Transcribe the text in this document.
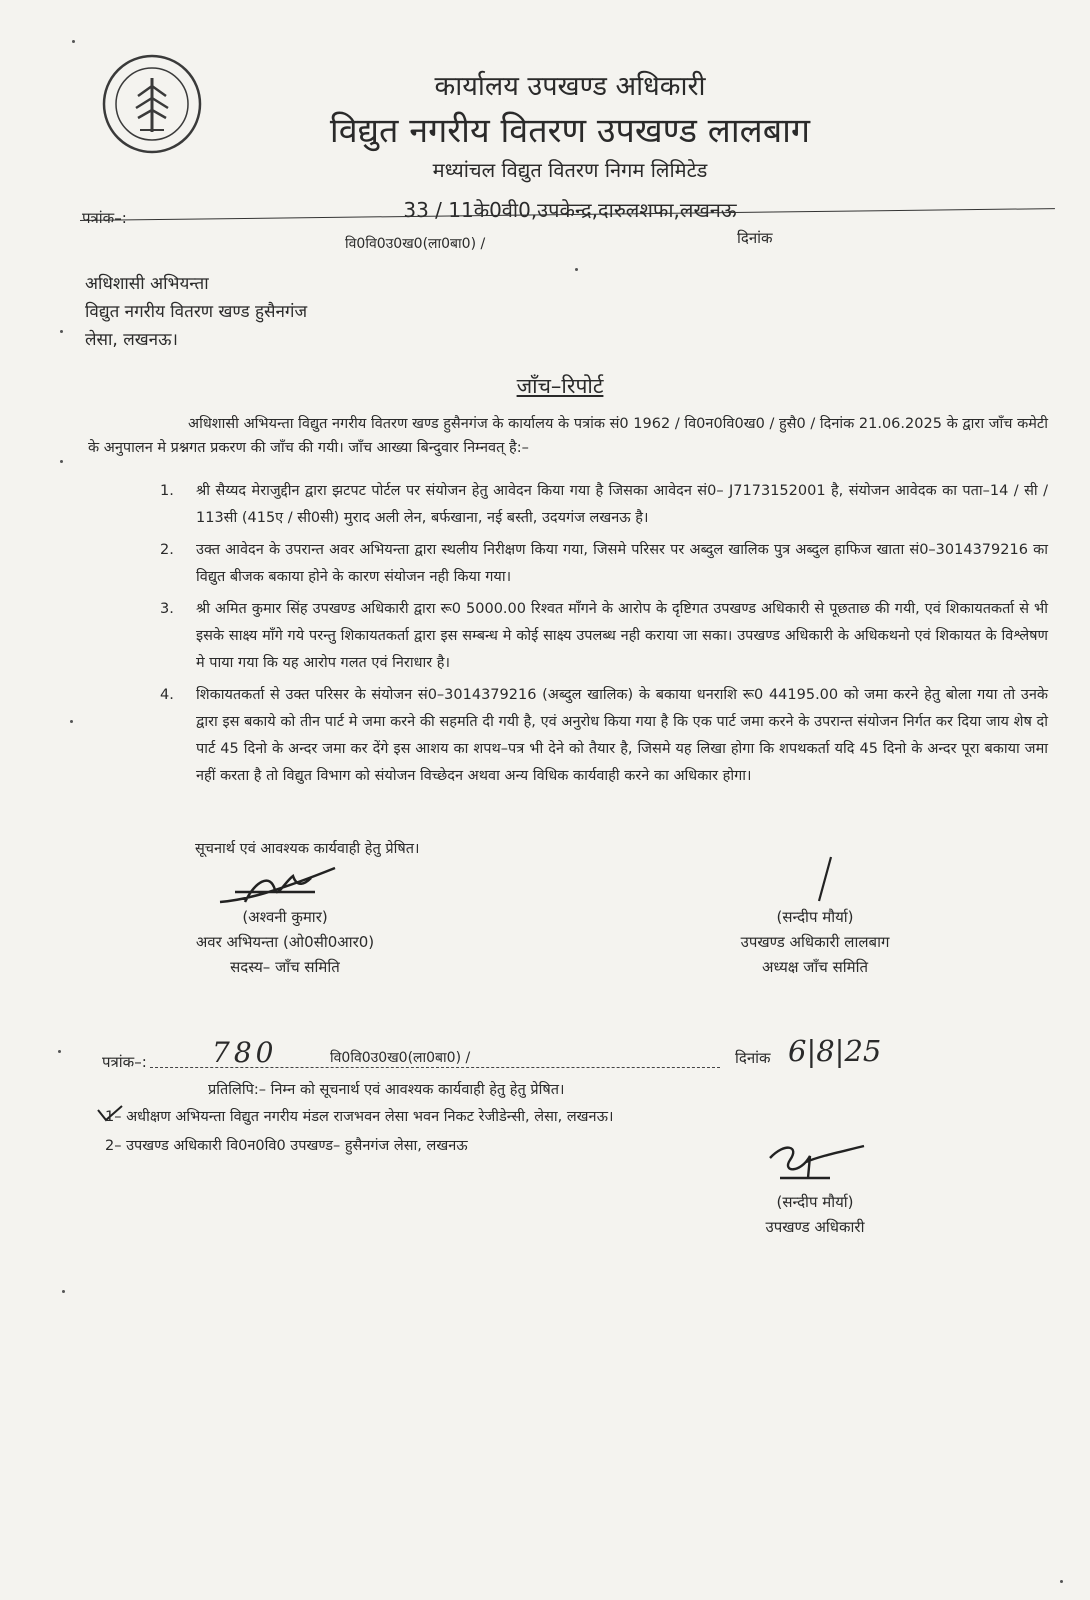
कार्यालय उपखण्ड अधिकारी
विद्युत नगरीय वितरण उपखण्ड लालबाग
मध्यांचल विद्युत वितरण निगम लिमिटेड
33 / 11के0वी0,उपकेन्द्र,दारुलशफा,लखनऊ
पत्रांक–:
वि0वि0उ0ख0(ला0बा0) /	दिनांक
अधिशासी अभियन्ता
विद्युत नगरीय वितरण खण्ड हुसैनगंज
लेसा, लखनऊ।
जाँच–रिपोर्ट
अधिशासी अभियन्ता विद्युत नगरीय वितरण खण्ड हुसैनगंज के कार्यालय के पत्रांक सं0 1962 / वि0न0वि0ख0 / हुसै0 / दिनांक 21.06.2025 के द्वारा जाँच कमेटी के अनुपालन मे प्रश्नगत प्रकरण की जाँच की गयी। जाँच आख्या बिन्दुवार निम्नवत् है:–
1. श्री सैय्यद मेराजुद्दीन द्वारा झटपट पोर्टल पर संयोजन हेतु आवेदन किया गया है जिसका आवेदन सं0– J7173152001 है, संयोजन आवेदक का पता–14 / सी / 113सी (415ए / सी0सी) मुराद अली लेन, बर्फखाना, नई बस्ती, उदयगंज लखनऊ है।
2. उक्त आवेदन के उपरान्त अवर अभियन्ता द्वारा स्थलीय निरीक्षण किया गया, जिसमे परिसर पर अब्दुल खालिक पुत्र अब्दुल हाफिज खाता सं0–3014379216 का विद्युत बीजक बकाया होने के कारण संयोजन नही किया गया।
3. श्री अमित कुमार सिंह उपखण्ड अधिकारी द्वारा रू0 5000.00 रिश्वत माँगने के आरोप के दृष्टिगत उपखण्ड अधिकारी से पूछताछ की गयी, एवं शिकायतकर्ता से भी इसके साक्ष्य माँगे गये परन्तु शिकायतकर्ता द्वारा इस सम्बन्ध मे कोई साक्ष्य उपलब्ध नही कराया जा सका। उपखण्ड अधिकारी के अधिकथनो एवं शिकायत के विश्लेषण मे पाया गया कि यह आरोप गलत एवं निराधार है।
4. शिकायतकर्ता से उक्त परिसर के संयोजन सं0–3014379216 (अब्दुल खालिक) के बकाया धनराशि रू0 44195.00 को जमा करने हेतु बोला गया तो उनके द्वारा इस बकाये को तीन पार्ट मे जमा करने की सहमति दी गयी है, एवं अनुरोध किया गया है कि एक पार्ट जमा करने के उपरान्त संयोजन निर्गत कर दिया जाय शेष दो पार्ट 45 दिनो के अन्दर जमा कर देंगे इस आशय का शपथ–पत्र भी देने को तैयार है, जिसमे यह लिखा होगा कि शपथकर्ता यदि 45 दिनो के अन्दर पूरा बकाया जमा नहीं करता है तो विद्युत विभाग को संयोजन विच्छेदन अथवा अन्य विधिक कार्यवाही करने का अधिकार होगा।
सूचनार्थ एवं आवश्यक कार्यवाही हेतु प्रेषित।
(अश्वनी कुमार)
अवर अभियन्ता (ओ0सी0आर0)
सदस्य– जाँच समिति
(सन्दीप मौर्या)
उपखण्ड अधिकारी लालबाग
अध्यक्ष जाँच समिति
पत्रांक–: 780	वि0वि0उ0ख0(ला0बा0) /	दिनांक 6|8|25
प्रतिलिपि:– निम्न को सूचनार्थ एवं आवश्यक कार्यवाही हेतु हेतु प्रेषित।
1– अधीक्षण अभियन्ता विद्युत नगरीय मंडल राजभवन लेसा भवन निकट रेजीडेन्सी, लेसा, लखनऊ।
2– उपखण्ड अधिकारी वि0न0वि0 उपखण्ड– हुसैनगंज लेसा, लखनऊ
(सन्दीप मौर्या)
उपखण्ड अधिकारी
